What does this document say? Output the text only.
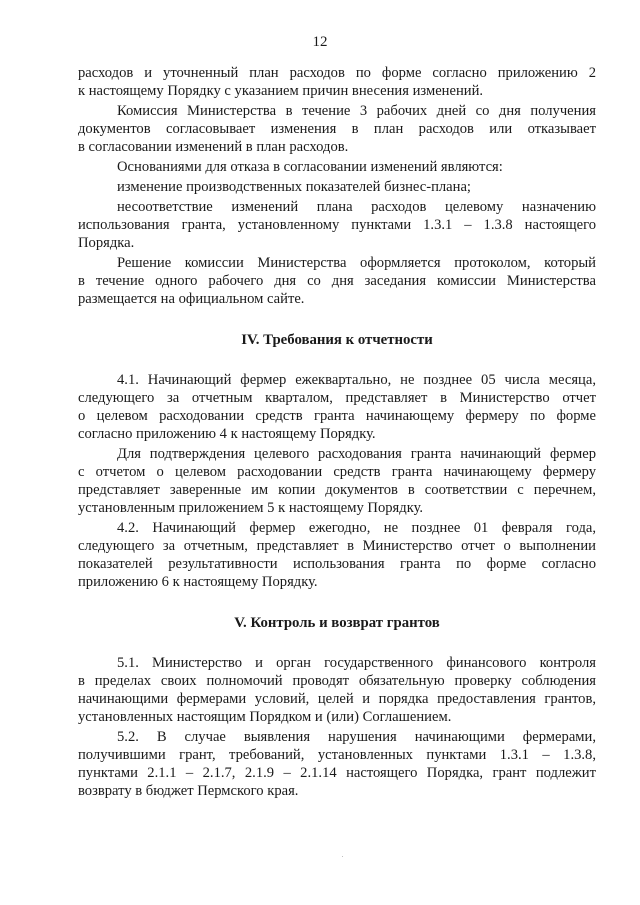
12
расходов и уточненный план расходов по форме согласно приложению 2
к настоящему Порядку с указанием причин внесения изменений.
Комиссия Министерства в течение 3 рабочих дней со дня получения
документов согласовывает изменения в план расходов или отказывает
в согласовании изменений в план расходов.
Основаниями для отказа в согласовании изменений являются:
изменение производственных показателей бизнес-плана;
несоответствие изменений плана расходов целевому назначению
использования гранта, установленному пунктами 1.3.1 – 1.3.8 настоящего
Порядка.
Решение комиссии Министерства оформляется протоколом, который
в течение одного рабочего дня со дня заседания комиссии Министерства
размещается на официальном сайте.
IV. Требования к отчетности
4.1. Начинающий фермер ежеквартально, не позднее 05 числа месяца,
следующего за отчетным кварталом, представляет в Министерство отчет
о целевом расходовании средств гранта начинающему фермеру по форме
согласно приложению 4 к настоящему Порядку.
Для подтверждения целевого расходования гранта начинающий фермер
с отчетом о целевом расходовании средств гранта начинающему фермеру
представляет заверенные им копии документов в соответствии с перечнем,
установленным приложением 5 к настоящему Порядку.
4.2. Начинающий фермер ежегодно, не позднее 01 февраля года,
следующего за отчетным, представляет в Министерство отчет о выполнении
показателей результативности использования гранта по форме согласно
приложению 6 к настоящему Порядку.
V. Контроль и возврат грантов
5.1. Министерство и орган государственного финансового контроля
в пределах своих полномочий проводят обязательную проверку соблюдения
начинающими фермерами условий, целей и порядка предоставления грантов,
установленных настоящим Порядком и (или) Соглашением.
5.2. В случае выявления нарушения начинающими фермерами,
получившими грант, требований, установленных пунктами 1.3.1 – 1.3.8,
пунктами 2.1.1 – 2.1.7, 2.1.9 – 2.1.14 настоящего Порядка, грант подлежит
возврату в бюджет Пермского края.
